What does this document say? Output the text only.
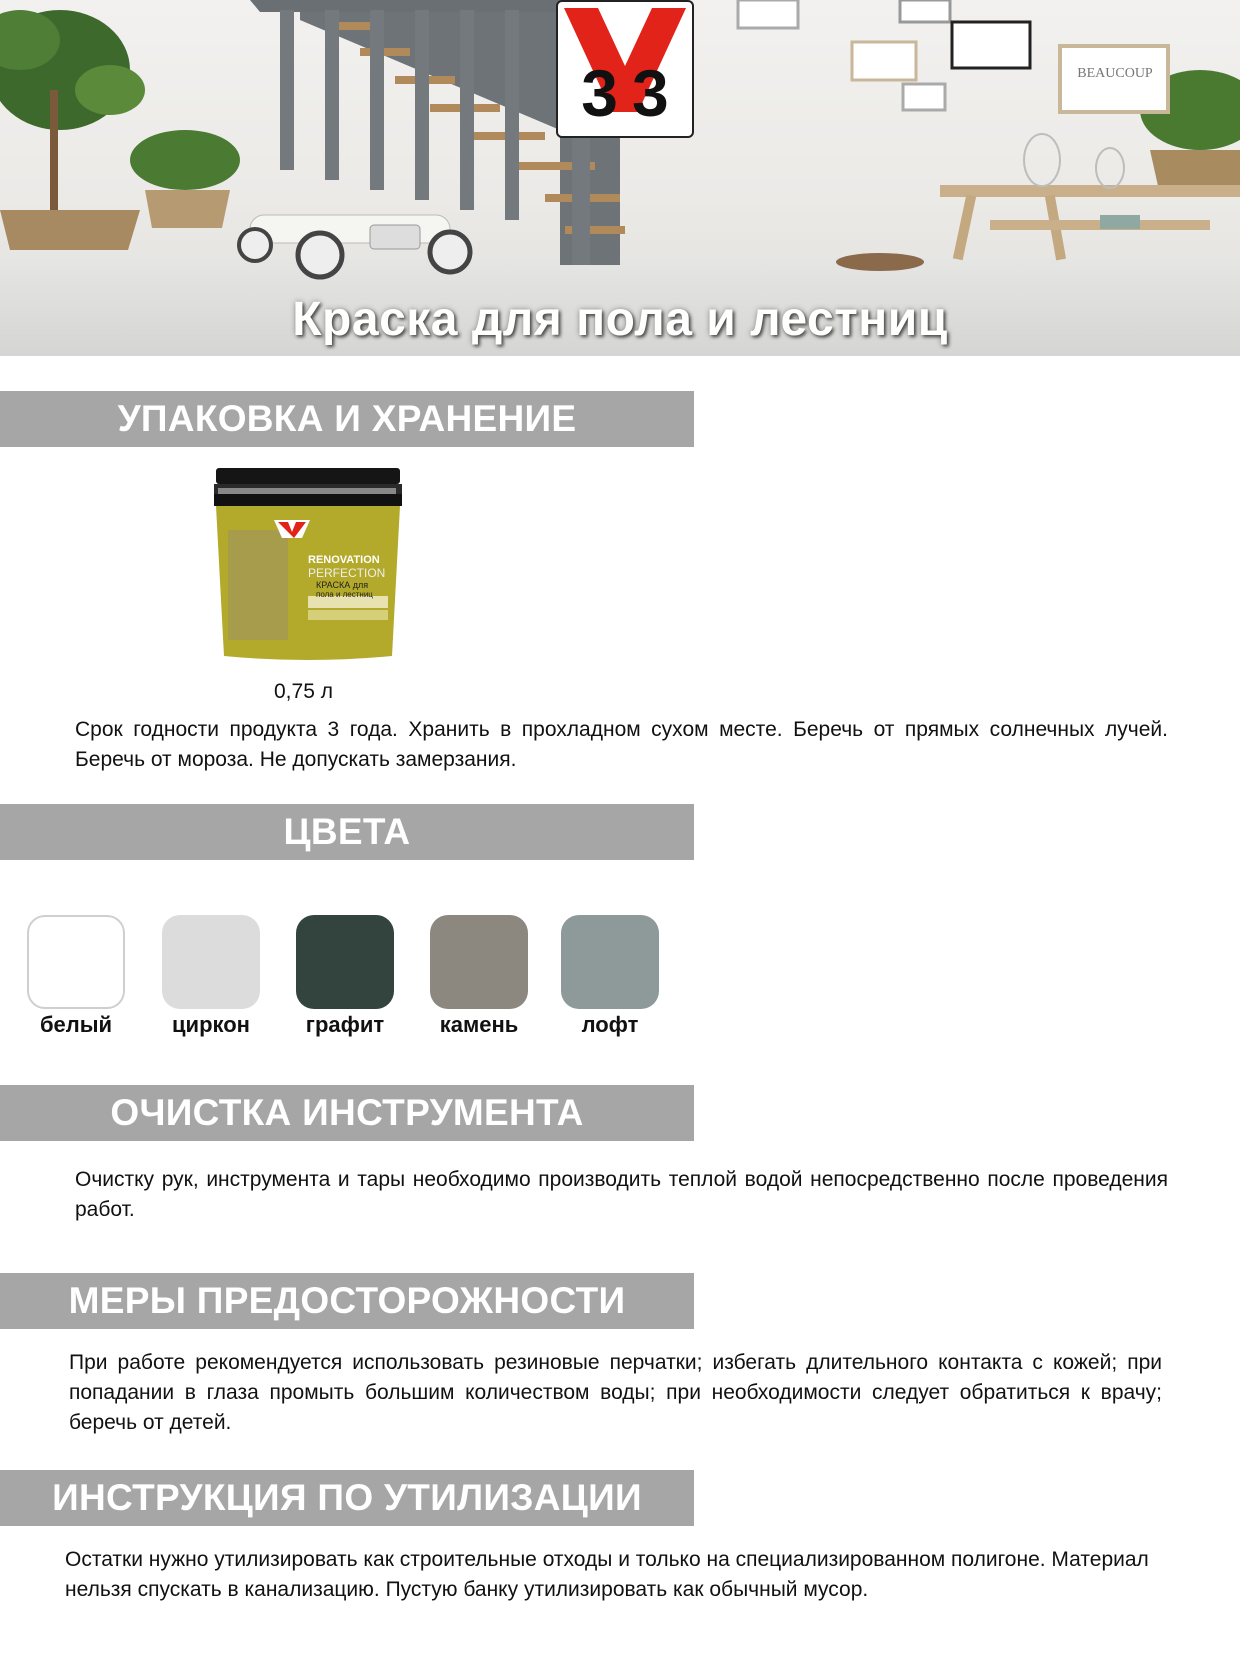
BEAUCOUP
Краска для пола и лестниц
33
УПАКОВКА И ХРАНЕНИЕ
RENOVATION
PERFECTION
КРАСКА для
пола и лестниц
0,75 л
Срок годности продукта 3 года. Хранить в прохладном сухом месте. Беречь от прямых солнечных лучей. Беречь от мороза. Не допускать замерзания.
ЦВЕТА
белый	циркон	графит	камень	лофт
ОЧИСТКА ИНСТРУМЕНТА
Очистку рук, инструмента и тары необходимо производить теплой водой непосредственно после проведения работ.
МЕРЫ ПРЕДОСТОРОЖНОСТИ
При работе рекомендуется использовать резиновые перчатки; избегать длительного контакта с кожей; при попадании в глаза промыть большим количеством воды; при необходимости следует обратиться к врачу; беречь от детей.
ИНСТРУКЦИЯ ПО УТИЛИЗАЦИИ
Остатки нужно утилизировать как строительные отходы и только на специализированном полигоне. Материал нельзя спускать в канализацию. Пустую банку утилизировать как обычный мусор.
